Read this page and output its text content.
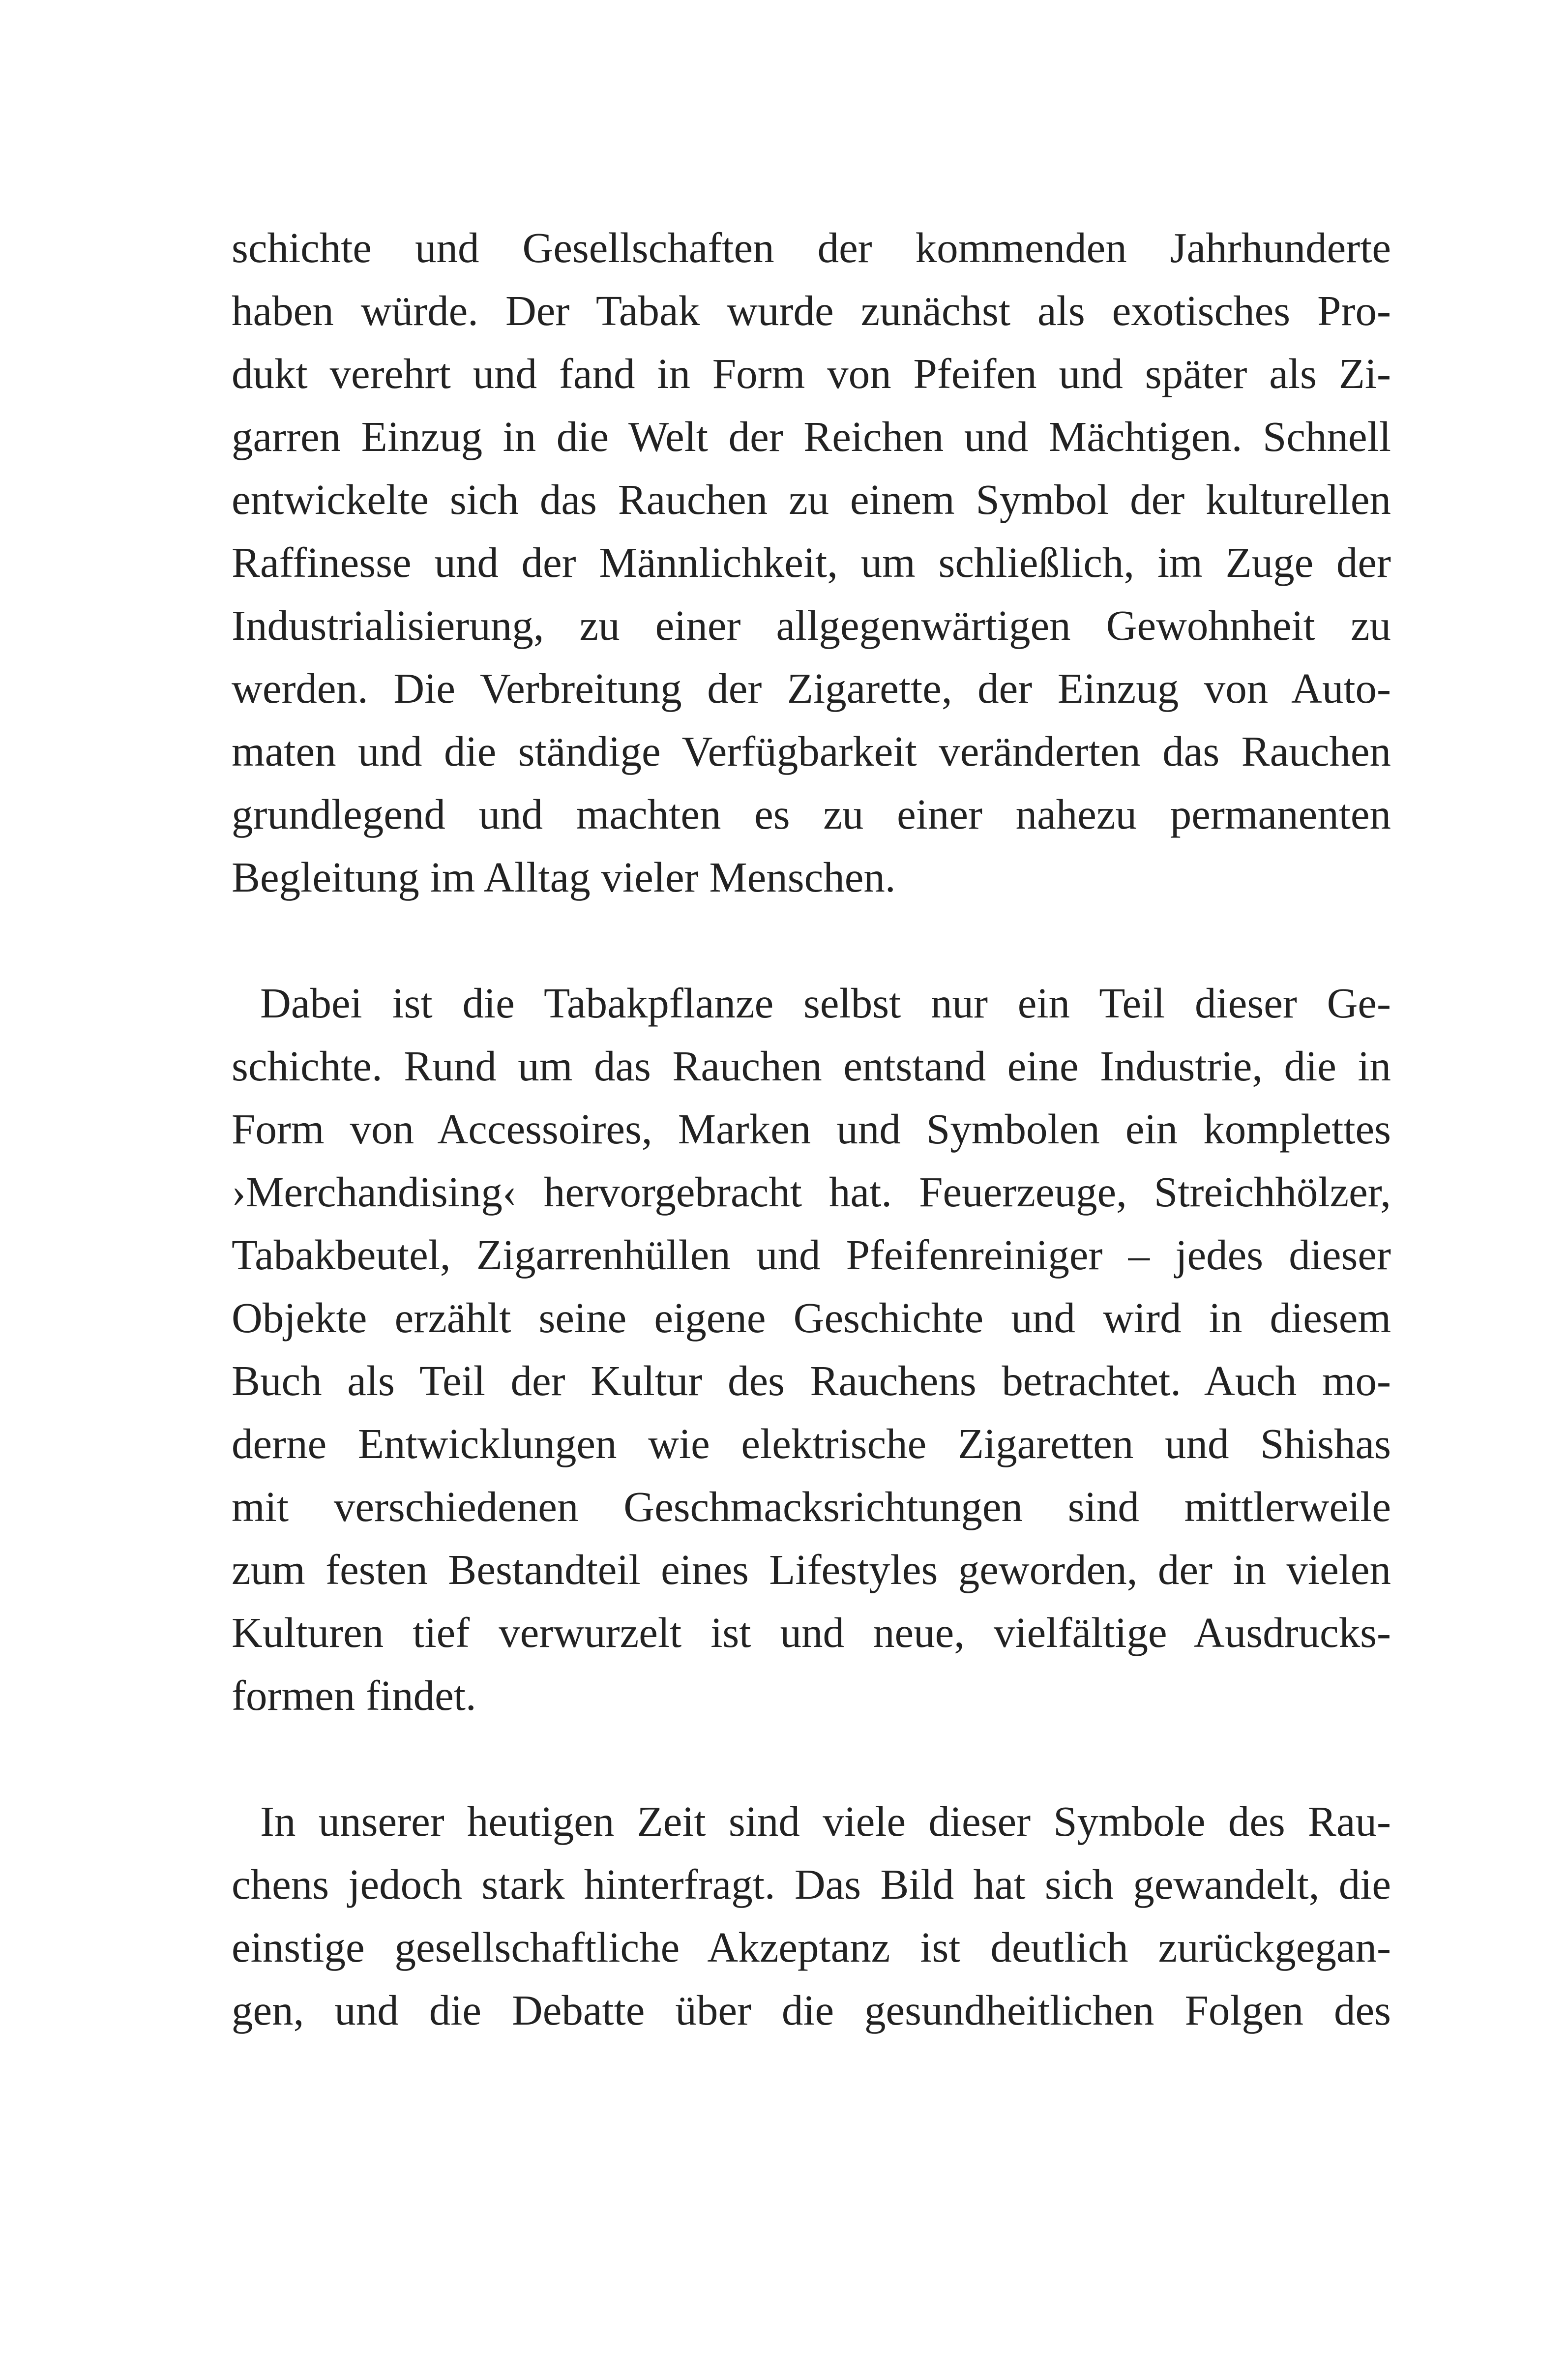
schichte und Gesellschaften der kommenden Jahrhunderte
haben würde. Der Tabak wurde zunächst als exotisches Pro-
dukt verehrt und fand in Form von Pfeifen und später als Zi-
garren Einzug in die Welt der Reichen und Mächtigen. Schnell
entwickelte sich das Rauchen zu einem Symbol der kulturellen
Raffinesse und der Männlichkeit, um schließlich, im Zuge der
Industrialisierung, zu einer allgegenwärtigen Gewohnheit zu
werden. Die Verbreitung der Zigarette, der Einzug von Auto-
maten und die ständige Verfügbarkeit veränderten das Rauchen
grundlegend und machten es zu einer nahezu permanenten
Begleitung im Alltag vieler Menschen.
Dabei ist die Tabakpflanze selbst nur ein Teil dieser Ge-
schichte. Rund um das Rauchen entstand eine Industrie, die in
Form von Accessoires, Marken und Symbolen ein komplettes
›Merchandising‹ hervorgebracht hat. Feuerzeuge, Streichhölzer,
Tabakbeutel, Zigarrenhüllen und Pfeifenreiniger – jedes dieser
Objekte erzählt seine eigene Geschichte und wird in diesem
Buch als Teil der Kultur des Rauchens betrachtet. Auch mo-
derne Entwicklungen wie elektrische Zigaretten und Shishas
mit verschiedenen Geschmacksrichtungen sind mittlerweile
zum festen Bestandteil eines Lifestyles geworden, der in vielen
Kulturen tief verwurzelt ist und neue, vielfältige Ausdrucks-
formen findet.
In unserer heutigen Zeit sind viele dieser Symbole des Rau-
chens jedoch stark hinterfragt. Das Bild hat sich gewandelt, die
einstige gesellschaftliche Akzeptanz ist deutlich zurückgegan-
gen, und die Debatte über die gesundheitlichen Folgen des
